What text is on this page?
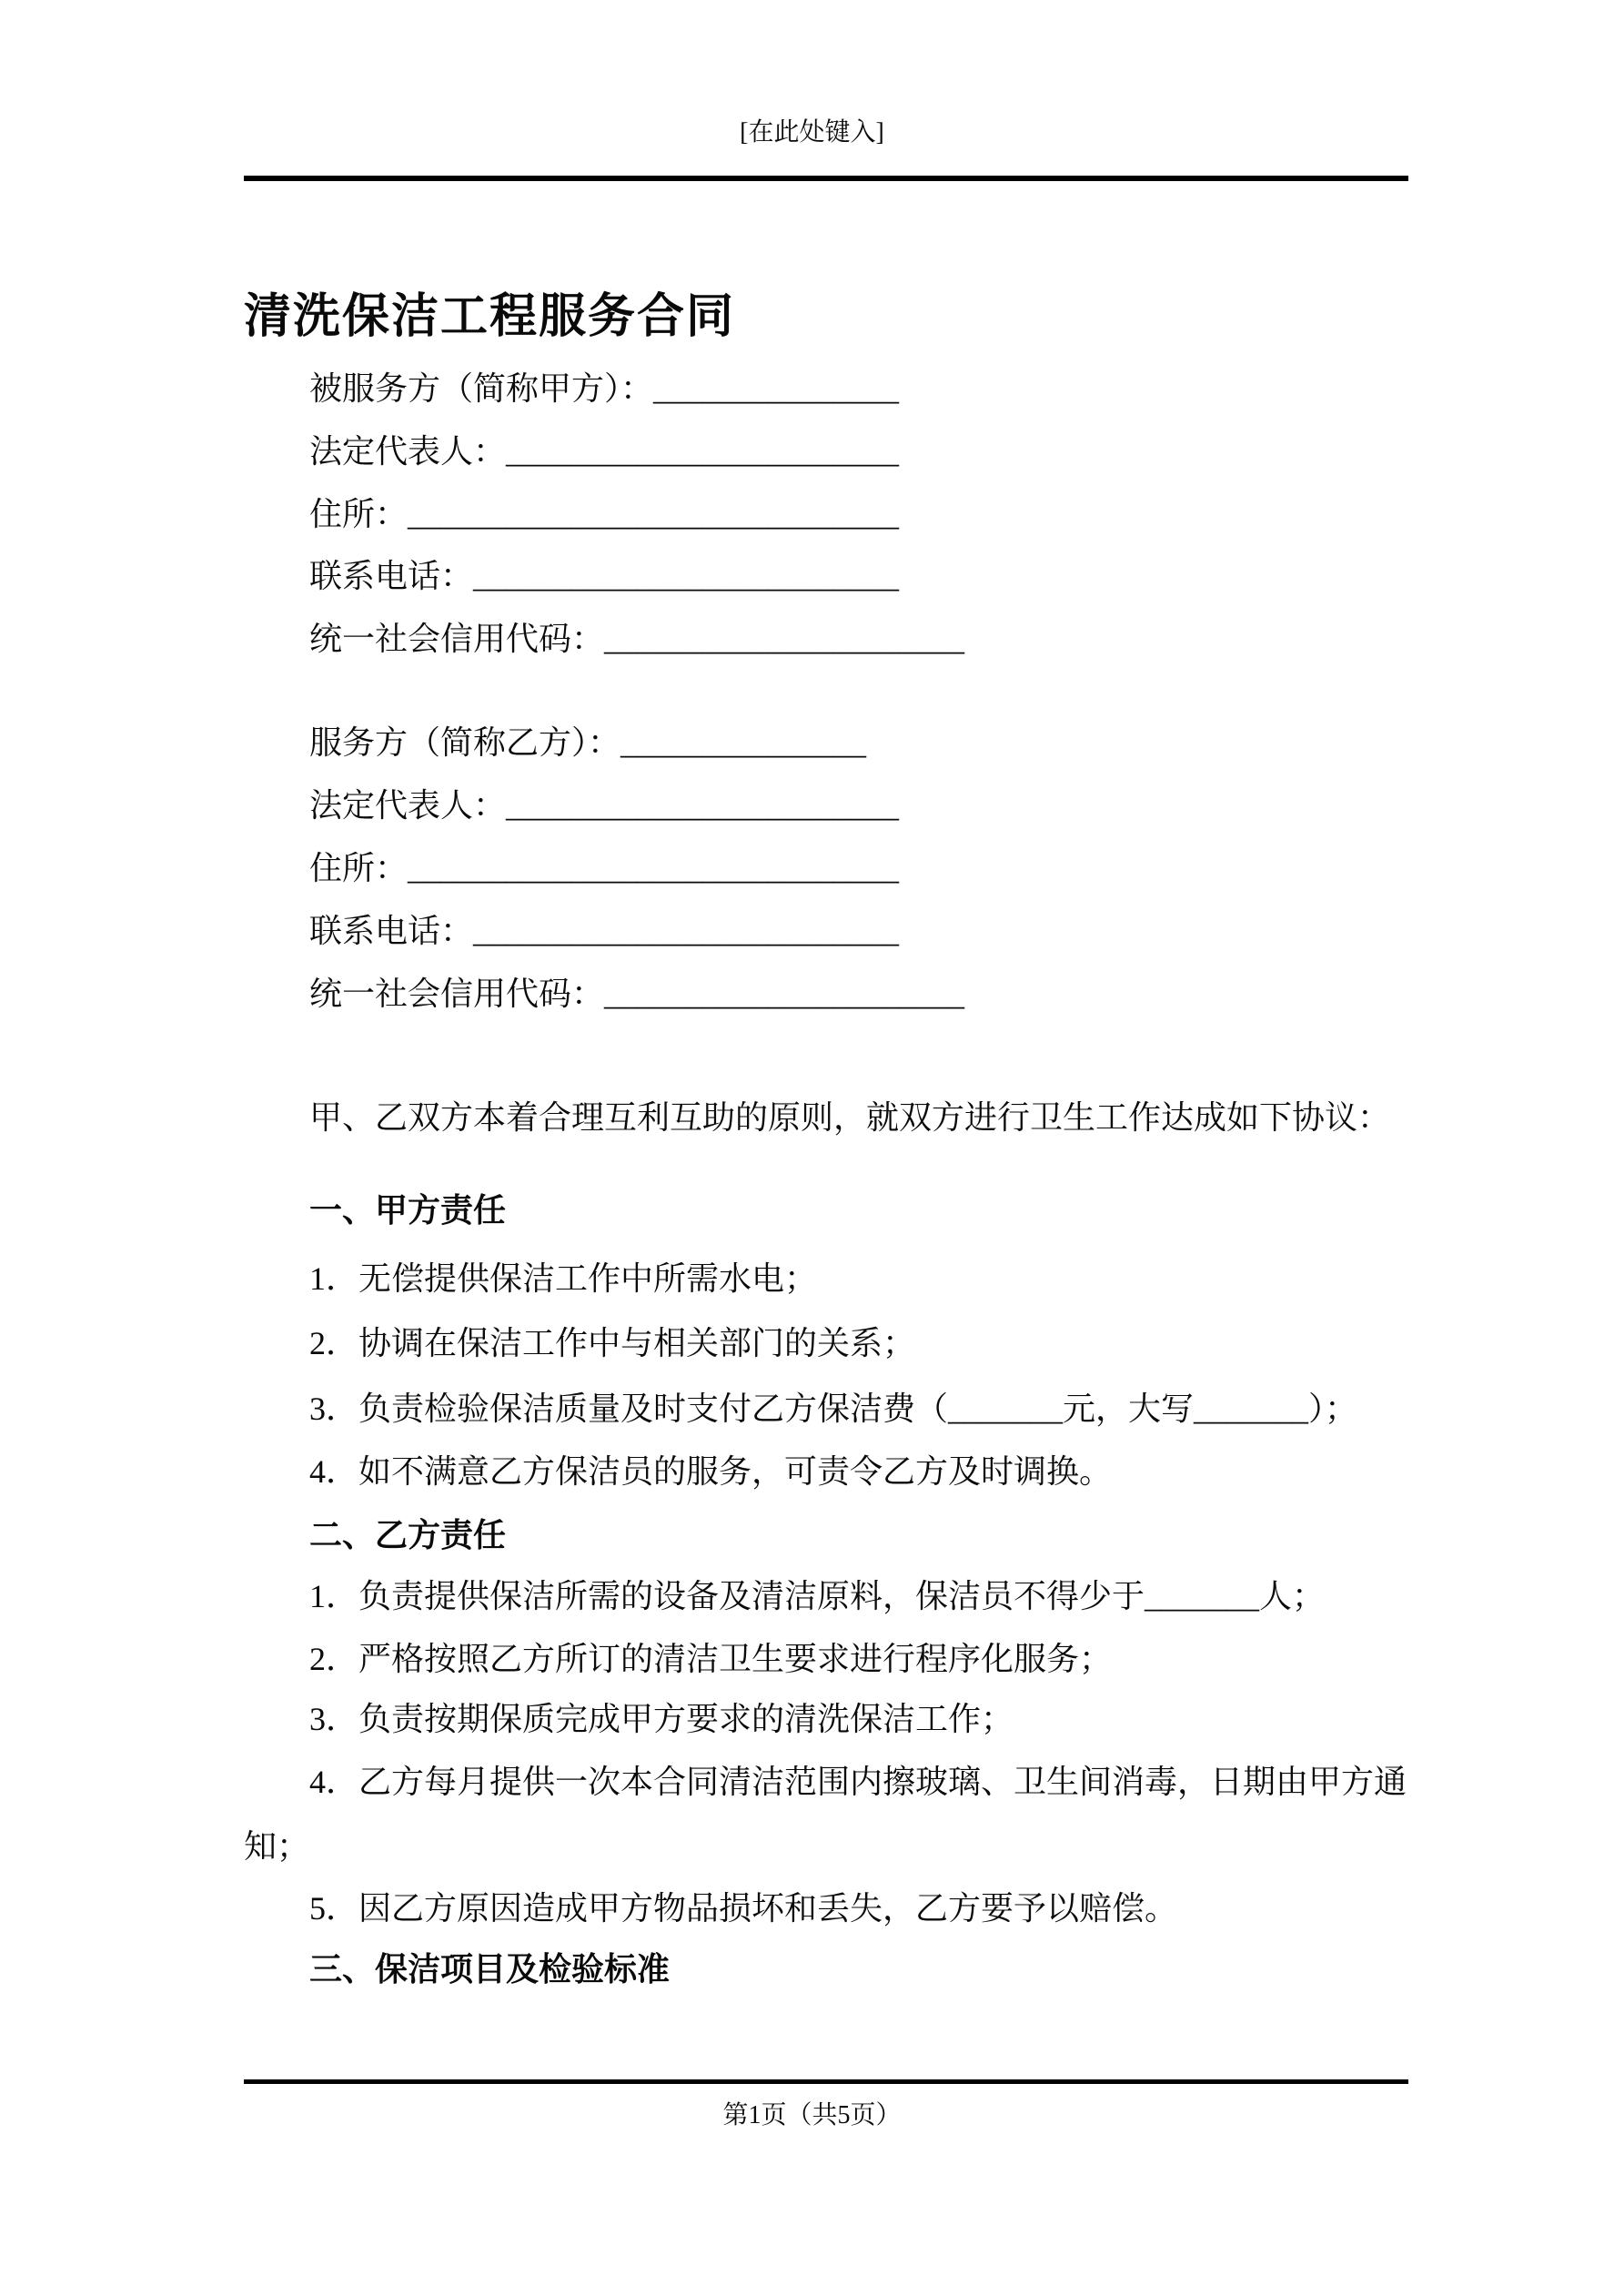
[在此处键入]
清洗保洁工程服务合同
被服务方（简称甲方）：_______________
法定代表人：________________________
住所：______________________________
联系电话：__________________________
统一社会信用代码：______________________
服务方（简称乙方）：_______________
法定代表人：________________________
住所：______________________________
联系电话：__________________________
统一社会信用代码：______________________

甲、乙双方本着合理互利互助的原则，就双方进行卫生工作达成如下协议：

一、甲方责任
1．无偿提供保洁工作中所需水电；
2．协调在保洁工作中与相关部门的关系；
3．负责检验保洁质量及时支付乙方保洁费（_______元，大写_______）；
4．如不满意乙方保洁员的服务，可责令乙方及时调换。
二、乙方责任
1．负责提供保洁所需的设备及清洁原料，保洁员不得少于_______人；
2．严格按照乙方所订的清洁卫生要求进行程序化服务；
3．负责按期保质完成甲方要求的清洗保洁工作；
4．乙方每月提供一次本合同清洁范围内擦玻璃、卫生间消毒，日期由甲方通知；
5．因乙方原因造成甲方物品损坏和丢失，乙方要予以赔偿。
三、保洁项目及检验标准
第1页（共5页）
